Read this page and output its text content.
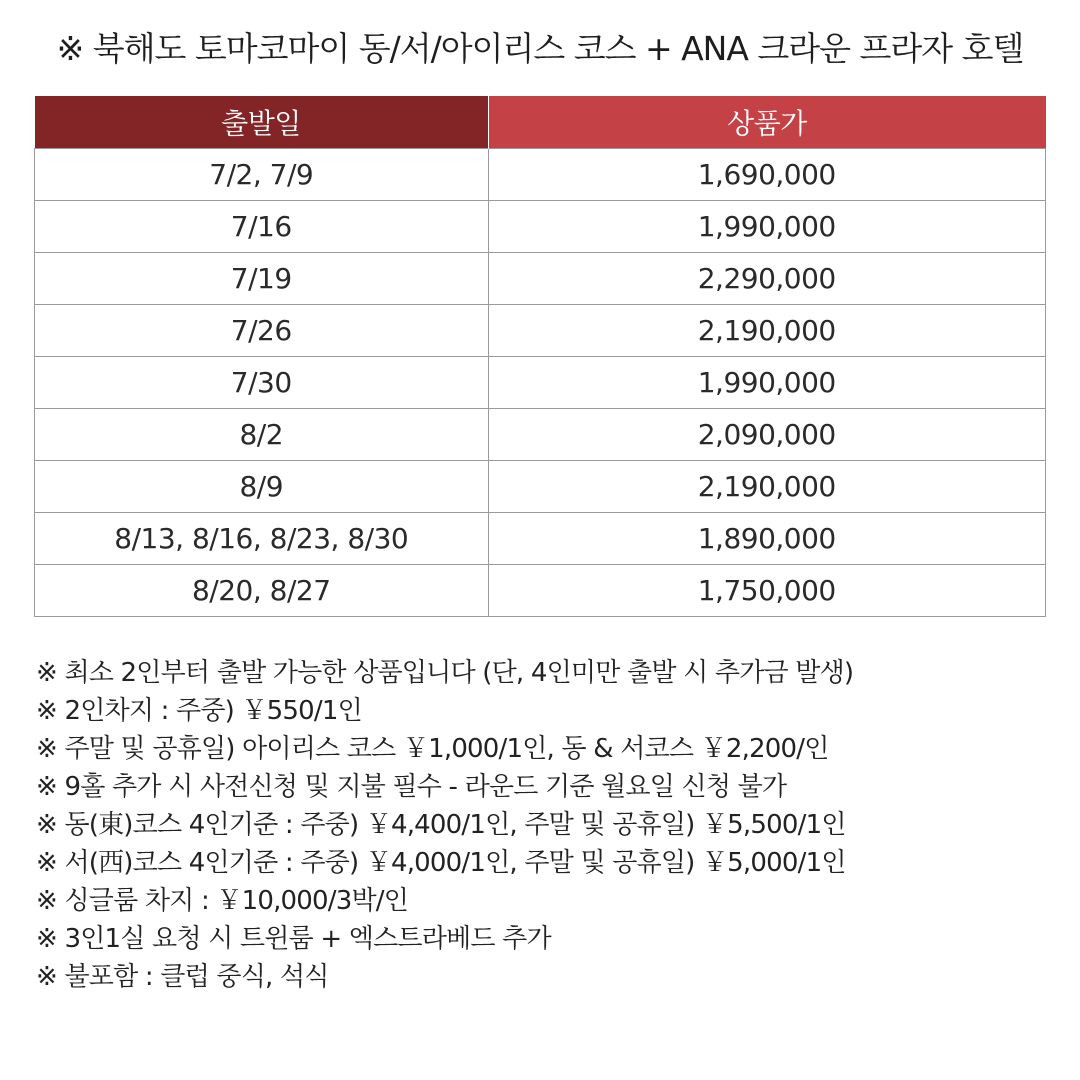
※ 북해도 토마코마이 동/서/아이리스 코스 + ANA 크라운 프라자 호텔
출발일	상품가
7/2, 7/9	1,690,000
7/16	1,990,000
7/19	2,290,000
7/26	2,190,000
7/30	1,990,000
8/2	2,090,000
8/9	2,190,000
8/13, 8/16, 8/23, 8/30	1,890,000
8/20, 8/27	1,750,000
※ 최소 2인부터 출발 가능한 상품입니다 (단, 4인미만 출발 시 추가금 발생)
※ 2인차지 : 주중) ￥550/1인
※ 주말 및 공휴일) 아이리스 코스 ￥1,000/1인, 동 & 서코스 ￥2,200/인
※ 9홀 추가 시 사전신청 및 지불 필수 - 라운드 기준 월요일 신청 불가
※ 동(東)코스 4인기준 : 주중) ￥4,400/1인, 주말 및 공휴일) ￥5,500/1인
※ 서(西)코스 4인기준 : 주중) ￥4,000/1인, 주말 및 공휴일) ￥5,000/1인
※ 싱글룸 차지 : ￥10,000/3박/인
※ 3인1실 요청 시 트윈룸 + 엑스트라베드 추가
※ 불포함 : 클럽 중식, 석식
